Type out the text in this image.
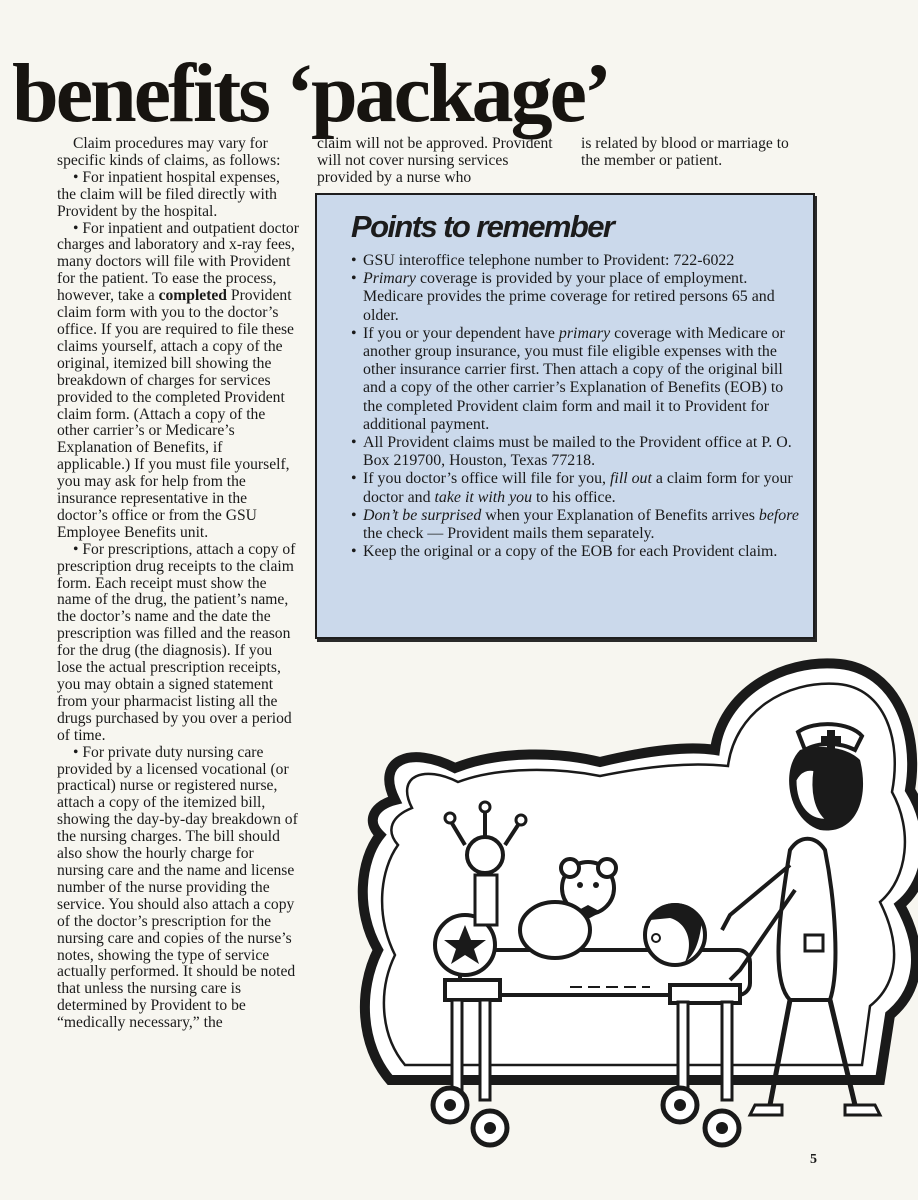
benefits ‘package’

Claim procedures may vary for specific kinds of claims, as follows:

• For inpatient hospital expenses, the claim will be filed directly with Provident by the hospital.

• For inpatient and outpatient doctor charges and laboratory and x-ray fees, many doctors will file with Provident for the patient. To ease the process, however, take a completed Provident claim form with you to the doctor’s office. If you are required to file these claims yourself, attach a copy of the original, itemized bill showing the breakdown of charges for services provided to the completed Provident claim form. (Attach a copy of the other carrier’s or Medicare’s Explanation of Benefits, if applicable.) If you must file yourself, you may ask for help from the insurance representative in the doctor’s office or from the GSU Employee Benefits unit.

• For prescriptions, attach a copy of prescription drug receipts to the claim form. Each receipt must show the name of the drug, the patient’s name, the doctor’s name and the date the prescription was filled and the reason for the drug (the diagnosis). If you lose the actual prescription receipts, you may obtain a signed statement from your pharmacist listing all the drugs purchased by you over a period of time.

• For private duty nursing care provided by a licensed vocational (or practical) nurse or registered nurse, attach a copy of the itemized bill, showing the day-by-day breakdown of the nursing charges. The bill should also show the hourly charge for nursing care and the name and license number of the nurse providing the service. You should also attach a copy of the doctor’s prescription for the nursing care and copies of the nurse’s notes, showing the type of service actually performed. It should be noted that unless the nursing care is determined by Provident to be “medically necessary,” the

claim will not be approved. Provident will not cover nursing services provided by a nurse who

is related by blood or marriage to the member or patient.

Points to remember
• GSU interoffice telephone number to Provident: 722-6022
• Primary coverage is provided by your place of employment. Medicare provides the prime coverage for retired persons 65 and older.
• If you or your dependent have primary coverage with Medicare or another group insurance, you must file eligible expenses with the other insurance carrier first. Then attach a copy of the original bill and a copy of the other carrier’s Explanation of Benefits (EOB) to the completed Provident claim form and mail it to Provident for additional payment.
• All Provident claims must be mailed to the Provident office at P. O. Box 219700, Houston, Texas 77218.
• If you doctor’s office will file for you, fill out a claim form for your doctor and take it with you to his office.
• Don’t be surprised when your Explanation of Benefits arrives before the check — Provident mails them separately.
• Keep the original or a copy of the EOB for each Provident claim.
5
